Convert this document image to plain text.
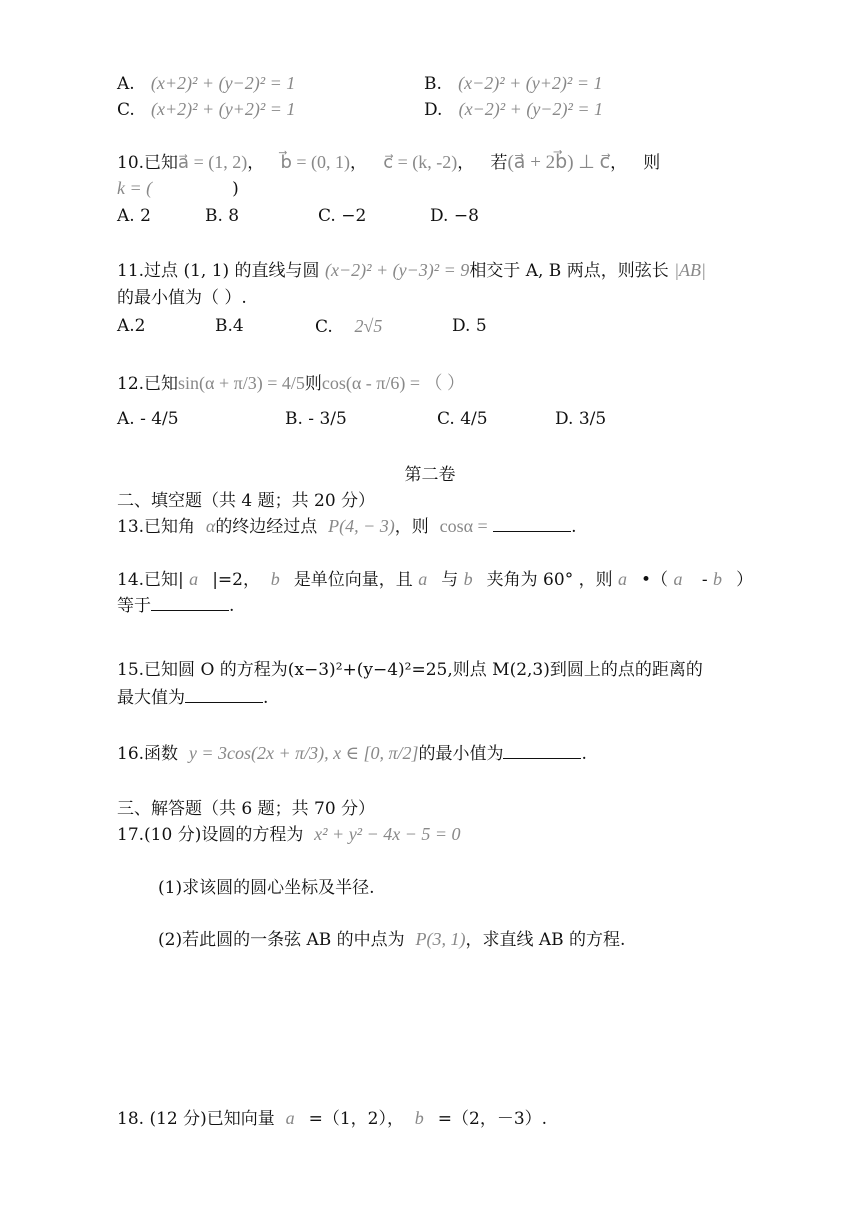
A. (x+2)² + (y−2)² = 1	B. (x−2)² + (y+2)² = 1
C. (x+2)² + (y+2)² = 1	D. (x−2)² + (y−2)² = 1
10.已知a⃗ = (1, 2)，   b⃗ = (0, 1)，   c⃗ = (k, -2)，   若(a⃗ + 2b⃗) ⊥ c⃗，   则
k = (	)
A. 2	B. 8	C. −2	D. −8
11.过点 (1, 1) 的直线与圆 (x−2)² + (y−3)² = 9相交于 A, B 两点，则弦长 |AB|
的最小值为（ ）.
A.2	B.4	C. 2√5	D. 5
12.已知sin(α + π/3) = 4/5则cos(α - π/6) = （ ）
A. - 4/5	B. - 3/5	C. 4/5	D. 3/5
第二卷
二、填空题（共 4 题；共 20 分）
13.已知角 α的终边经过点 P(4, − 3)，则 cosα =	.
14.已知| a⃗|=2， b⃗是单位向量，且 a⃗与 b⃗夹角为 60° ，则 a⃗•（ a⃗ - b⃗）
等于	.
15.已知圆 O 的方程为(x−3)²+(y−4)²=25,则点 M(2,3)到圆上的点的距离的
最大值为	.
16.函数 y = 3cos(2x + π/3), x ∈ [0, π/2]的最小值为	.
三、解答题（共 6 题；共 70 分）
17.(10 分)设圆的方程为 x² + y² − 4x − 5 = 0
(1)求该圆的圆心坐标及半径.
(2)若此圆的一条弦 AB 的中点为 P(3, 1)，求直线 AB 的方程.
18. (12 分)已知向量 a⃗=（1，2）， b⃗=（2，－3）.
